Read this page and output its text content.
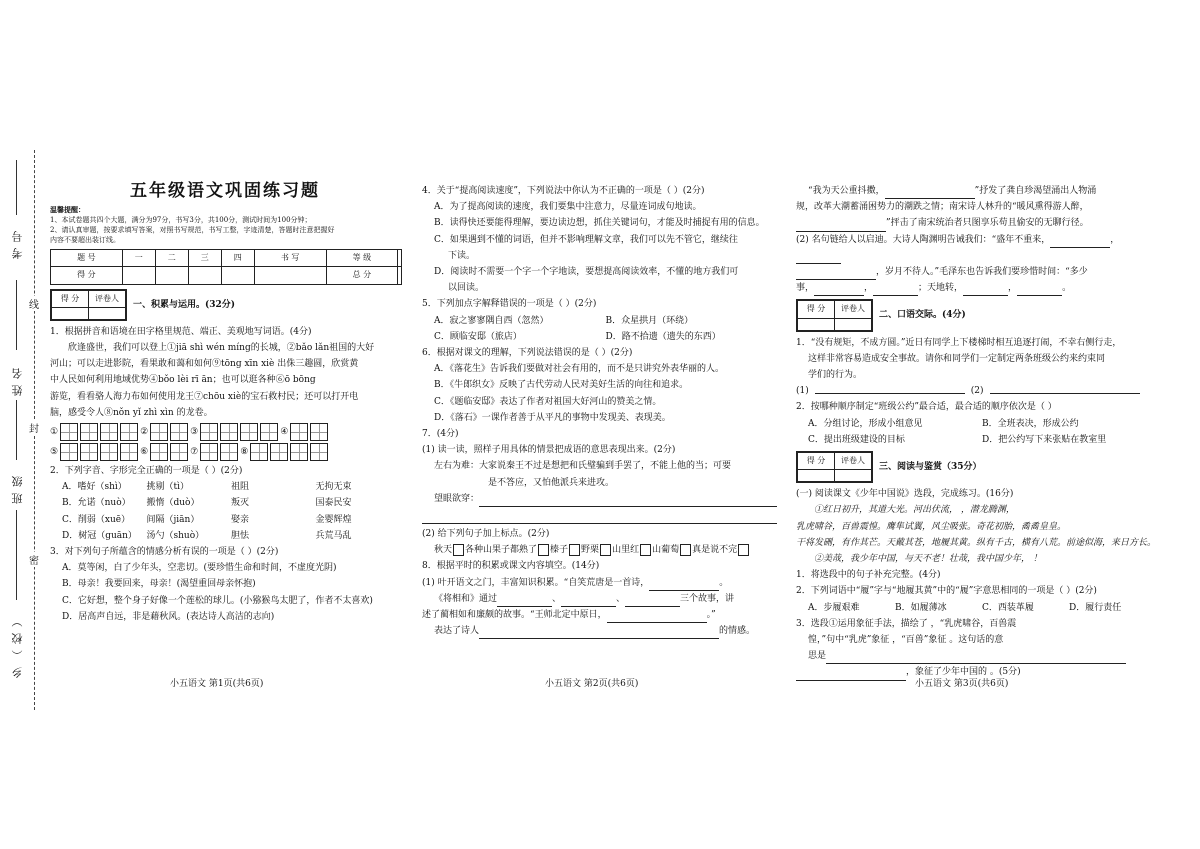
考号
姓名
班级
乡（校）
线
封
密
五年级语文巩固练习题
温馨提醒：
1、本试卷题共四个大题，满分为97分，书写3分，共100分，测试时间为100分钟；
2、请认真审题，按要求填写答案，对照书写规范，书写工整，字迹清楚，答题时注意把握好
内容不要超出装订线。
题 号	一	二	三	四	书 写	等 级	
得 分						总 分	
得 分	评卷人

一、积累与运用。(32分)
1．根据拼音和语境在田字格里规范、端正、美观地写词语。(4分)
欣逢盛世，我们可以登上①jiā shì wén míng的长城，②bǎo lǎn祖国的大好
河山；可以走进影院，看果敢和蔼和如何⑨tōng xīn xiè 出侏三趣圆，欣赏黄
中人民如何利用地域优势④bǒo lèi rī ān；也可以逛各种⑥ō bōng
游览，看看骆人海力布如何使用龙王⑦chōu xiè的宝石救村民；还可以打开电
脑，感受令人⑧nǒn yǐ zhì xìn 的龙卷。
①	②	③	④
⑤	⑥	⑦	⑧
2．下列字音、字形完全正确的一项是（ ）(2分)
A．嗜好（shì）	挑剔（tì）	祖阻	无拘无束
B．允诺（nuò）	搬惰（duò）	叛灭	国泰民安
C．削弱（xuē）	间隔（jiān）	娶亲	金婴辉煌
D．树冠（guān）	汤勺（shuò）	胆怯	兵荒马乱
3．对下列句子所蕴含的情感分析有误的一项是（ ）(2分)
A．莫等闲，白了少年头，空悲切。(要珍惜生命和时间，不虚度光阴)
B．母亲！我要回来，母亲！(渴望重回母亲怀抱)
C．它好想，整个身子好像一个莲松的球儿。(小猕猴鸟太肥了，作者不太喜欢)
D．居高声自远，非是藉秋风。(表达诗人高洁的志向)
小五语文 第1页(共6页)
4．关于“提高阅读速度”，下列说法中你认为不正确的一项是（ ）(2分)
A．为了提高阅读的速度，我们要集中注意力，尽量连词成句地读。
B．读得快还要能得理解，要边读边想，抓住关键词句，才能及时捕捉有用的信息。
C．如果遇到不懂的词语，但并不影响理解文章，我们可以先不管它，继续往
下读。
D．阅读时不需要一个字一个字地读，要想提高阅读效率，不懂的地方我们可
以回读。
5．下列加点字解释错误的一项是（ ）(2分)
A．寂之寥寥隅自西（忽然）	B．众星拱月（环绕）
C．顾临安邸（旅店）	D．路不拾遗（遗失的东西）
6．根据对课文的理解，下列说法错误的是（ ）(2分)
A．《落花生》告诉我们要做对社会有用的，而不是只讲究外表华丽的人。
B．《牛郎织女》反映了古代劳动人民对美好生活的向往和追求。
C．《题临安邸》表达了作者对祖国大好河山的赞美之情。
D．《落石》一课作者善于从平凡的事物中发现美、表现美。
7．(4分)
(1) 读一读，照样子用具体的情景把成语的意思表现出来。(2分)
左右为难：大家说秦王不过是想把和氏璧骗到手罢了，不能上他的当；可要
是不答应，又怕他派兵来进攻。
望眼欲穿：
(2) 给下列句子加上标点。(2分)
秋天 各种山果子都熟了 榛子 野栗 山里红 山葡萄 真是说不完
8．根据平时的积累或课文内容填空。(14分)
(1) 叶开语文之门，丰富知识积累。“自笑荒唐是一首诗，	。
《将相和》通过	、	、	三个故事，讲
述了蔺相如和廉颇的故事。“王师北定中原日，	。”
表达了诗人	的情感。
小五语文 第2页(共6页)
“我为天公重抖擞，	”抒发了龚自珍渴望涌出人物涌
规，改革大潮蓄涌困势力的潮跌之情；南宋诗人林升的“暖风熏得游人醉，
”抨击了南宋统治者只图享乐苟且偷安的无聊行径。
(2) 名句链给人以启迪。大诗人陶渊明告诫我们：“盛年不重来，	，
，岁月不待人。”毛泽东也告诉我们要珍惜时间：“多少
事，	，	；天地转，	，	。
得 分	评卷人

二、口语交际。(4分)
1．“没有规矩，不成方圆。”近日有同学上下楼梯时相互追逐打闹，不幸右侧行走，
这样非常容易造成安全事故。请你和同学们一定制定两条班级公约来约束同
学们的行为。
(1)	(2)
2．按哪种顺序制定“班级公约”最合适，最合适的顺序依次是（ ）
A．分组讨论，形成小组意见	B．全班表决，形成公约
C．提出班级建设的目标	D．把公约写下来张贴在教室里
得 分	评卷人

三、阅读与鉴赏（35分）
(一) 阅读课文《少年中国说》选段，完成练习。(16分)
①红日初升，其道大光。河出伏流， ，潜龙腾渊，
乳虎啸谷，百兽震惶。鹰隼试翼，风尘吸张。奇花初胎，矞矞皇皇。
干将发硎，有作其芒。天戴其苍，地履其黄。纵有千古，横有八荒。前途似海，来日方长。
②美哉，我少年中国，与天不老！壮哉，我中国少年， ！
1．将选段中的句子补充完整。(4分)
2．下列词语中“履”字与“地履其黄”中的“履”字意思相同的一项是（ ）(2分)
A．步履艰难	B．如履薄冰	C．西装革履	D．履行责任
3．选段①运用象征手法，描绘了 ，“乳虎啸谷，百兽震
惶，”句中“乳虎”象征 ，“百兽”象征 。这句话的意
思是
，象征了少年中国的 。(5分)
小五语文 第3页(共6页)
